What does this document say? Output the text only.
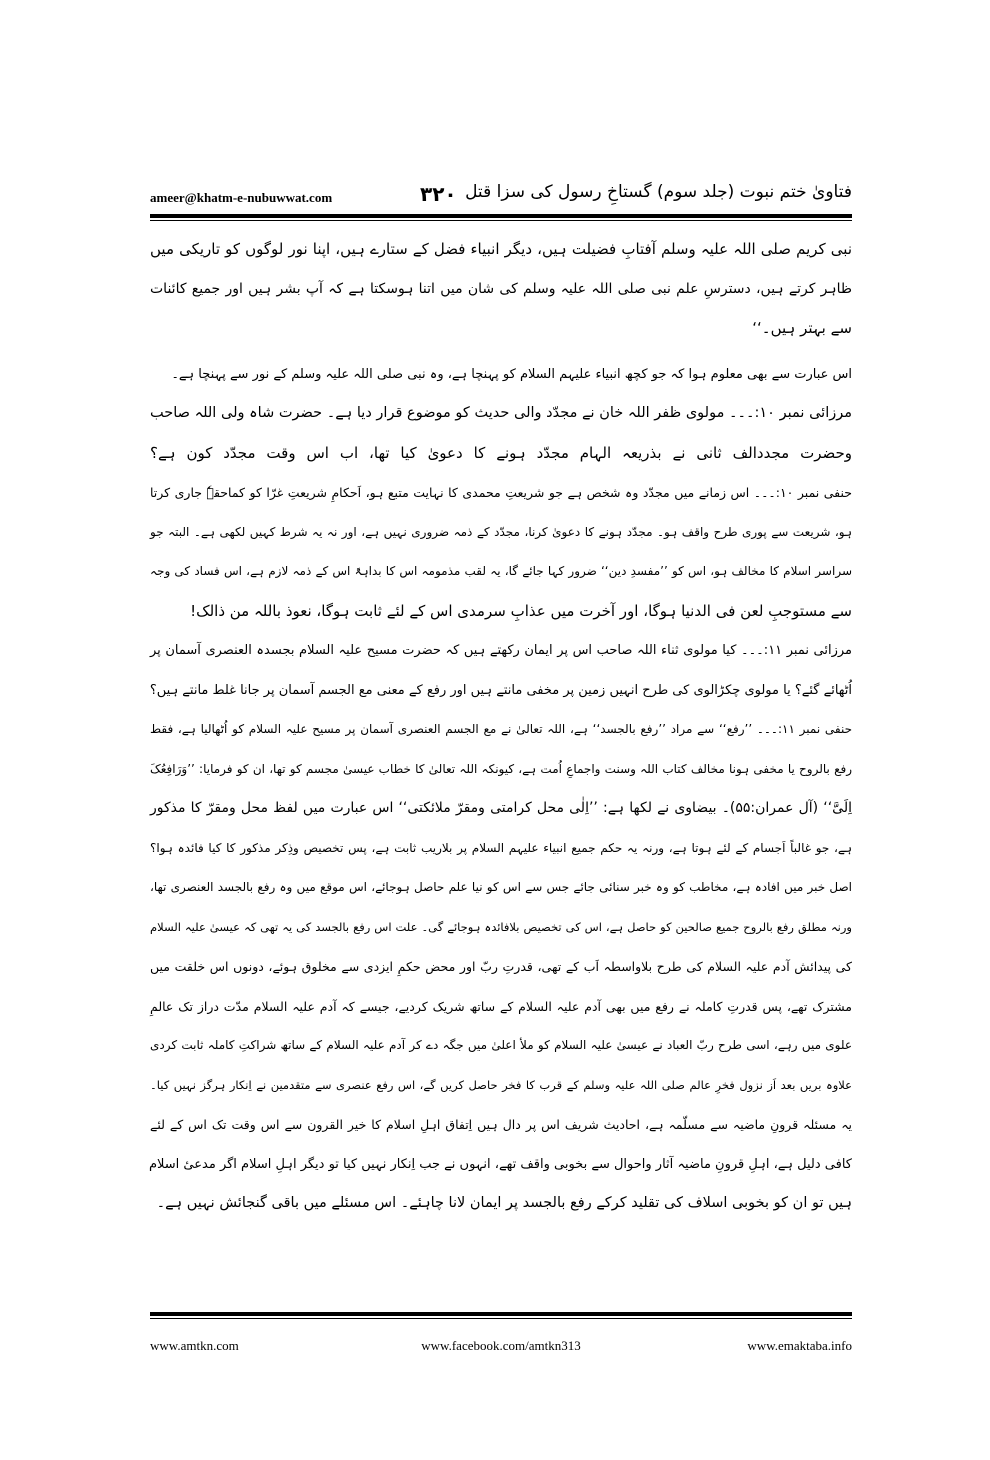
ameer@khatm-e-nubuwwat.com	٣٢٠ فتاویٰ ختم نبوت (جلد سوم) گستاخِ رسول کی سزا قتل
نبی کریم صلی اللہ علیہ وسلم آفتابِ فضیلت ہیں، دیگر انبیاء فضل کے ستارے ہیں، اپنا نور لوگوں کو تاریکی میں
ظاہر کرتے ہیں، دسترسِ علم نبی صلی اللہ علیہ وسلم کی شان میں اتنا ہوسکتا ہے کہ آپ بشر ہیں اور جمیع کائنات
سے بہتر ہیں۔‘‘
اس عبارت سے بھی معلوم ہوا کہ جو کچھ انبیاء علیہم السلام کو پہنچا ہے، وہ نبی صلی اللہ علیہ وسلم کے نور سے پہنچا ہے۔
مرزائی نمبر ۱۰:۔۔۔ مولوی ظفر اللہ خان نے مجدّد والی حدیث کو موضوع قرار دیا ہے۔ حضرت شاہ ولی اللہ صاحب
وحضرت مجددالف ثانی نے بذریعہ الہام مجدّد ہونے کا دعویٰ کیا تھا، اب اس وقت مجدّد کون ہے؟
حنفی نمبر ۱۰:۔۔۔ اس زمانے میں مجدّد وہ شخص ہے جو شریعتِ محمدی کا نہایت متبع ہو، اَحکامِ شریعتِ غرّا کو کماحقہٗ جاری کرتا
ہو، شریعت سے پوری طرح واقف ہو۔ مجدّد ہونے کا دعویٰ کرنا، مجدّد کے ذمہ ضروری نہیں ہے، اور نہ یہ شرط کہیں لکھی ہے۔ البتہ جو
سراسر اسلام کا مخالف ہو، اس کو ’’مفسدِ دین‘‘ ضرور کہا جائے گا، یہ لقب مذمومہ اس کا بداہۃً اس کے ذمہ لازم ہے، اس فساد کی وجہ
سے مستوجبِ لعن فی الدنیا ہوگا، اور آخرت میں عذابِ سرمدی اس کے لئے ثابت ہوگا، نعوذ باللہ من ذالک!
مرزائی نمبر ۱۱:۔۔۔ کیا مولوی ثناء اللہ صاحب اس پر ایمان رکھتے ہیں کہ حضرت مسیح علیہ السلام بجسدہ العنصری آسمان پر
اُٹھائے گئے؟ یا مولوی چکڑالوی کی طرح انہیں زمین پر مخفی مانتے ہیں اور رفع کے معنی مع الجسم آسمان پر جانا غلط مانتے ہیں؟
حنفی نمبر ۱۱:۔۔۔ ’’رفع‘‘ سے مراد ’’رفع بالجسد‘‘ ہے، اللہ تعالیٰ نے مع الجسم العنصری آسمان پر مسیح علیہ السلام کو اُٹھالیا ہے، فقط
رفع بالروح یا مخفی ہونا مخالف کتاب اللہ وسنت واجماعِ اُمت ہے، کیونکہ اللہ تعالیٰ کا خطاب عیسیٰ مجسم کو تھا، ان کو فرمایا: ’’وَرَافِعُکَ
اِلَیَّ‘‘ (آل عمران:۵۵)۔ بیضاوی نے لکھا ہے: ’’اِلٰی محل کرامتی ومقرّ ملائکتی‘‘ اس عبارت میں لفظ محل ومقرّ کا مذکور
ہے، جو غالباً اَجسام کے لئے ہوتا ہے، ورنہ یہ حکم جمیع انبیاء علیہم السلام پر بلاریب ثابت ہے، پس تخصیص وذِکر مذکور کا کیا فائدہ ہوا؟
اصل خبر میں افادہ ہے، مخاطب کو وہ خبر سنائی جائے جس سے اس کو نیا علم حاصل ہوجائے، اس موقع میں وہ رفع بالجسد العنصری تھا،
ورنہ مطلق رفع بالروح جمیع صالحین کو حاصل ہے، اس کی تخصیص بلافائدہ ہوجائے گی۔ علت اس رفع بالجسد کی یہ تھی کہ عیسیٰ علیہ السلام
کی پیدائش آدم علیہ السلام کی طرح بلاواسطہ اَب کے تھی، قدرتِ ربّ اور محض حکمِ ایزدی سے مخلوق ہوئے، دونوں اس خلقت میں
مشترک تھے، پس قدرتِ کاملہ نے رفع میں بھی آدم علیہ السلام کے ساتھ شریک کردیے، جیسے کہ آدم علیہ السلام مدّت دراز تک عالمِ
علوی میں رہے، اسی طرح ربّ العباد نے عیسیٰ علیہ السلام کو ملأ اعلیٰ میں جگہ دے کر آدم علیہ السلام کے ساتھ شراکتِ کاملہ ثابت کردی
علاوہ بریں بعد اَز نزول فخرِ عالم صلی اللہ علیہ وسلم کے قرب کا فخر حاصل کریں گے، اس رفع عنصری سے متقدمین نے اِنکار ہرگز نہیں کیا۔
یہ مسئلہ قرونِ ماضیہ سے مسلّمہ ہے، احادیث شریف اس پر دال ہیں اِتفاق اہلِ اسلام کا خیر القرون سے اس وقت تک اس کے لئے
کافی دلیل ہے، اہلِ قرونِ ماضیہ آثار واحوال سے بخوبی واقف تھے، انہوں نے جب اِنکار نہیں کیا تو دیگر اہلِ اسلام اگر مدعیٔ اسلام
ہیں تو ان کو بخوبی اسلاف کی تقلید کرکے رفع بالجسد پر ایمان لانا چاہئے۔ اس مسئلے میں باقی گنجائش نہیں ہے۔
www.amtkn.com	www.facebook.com/amtkn313	www.emaktaba.info
